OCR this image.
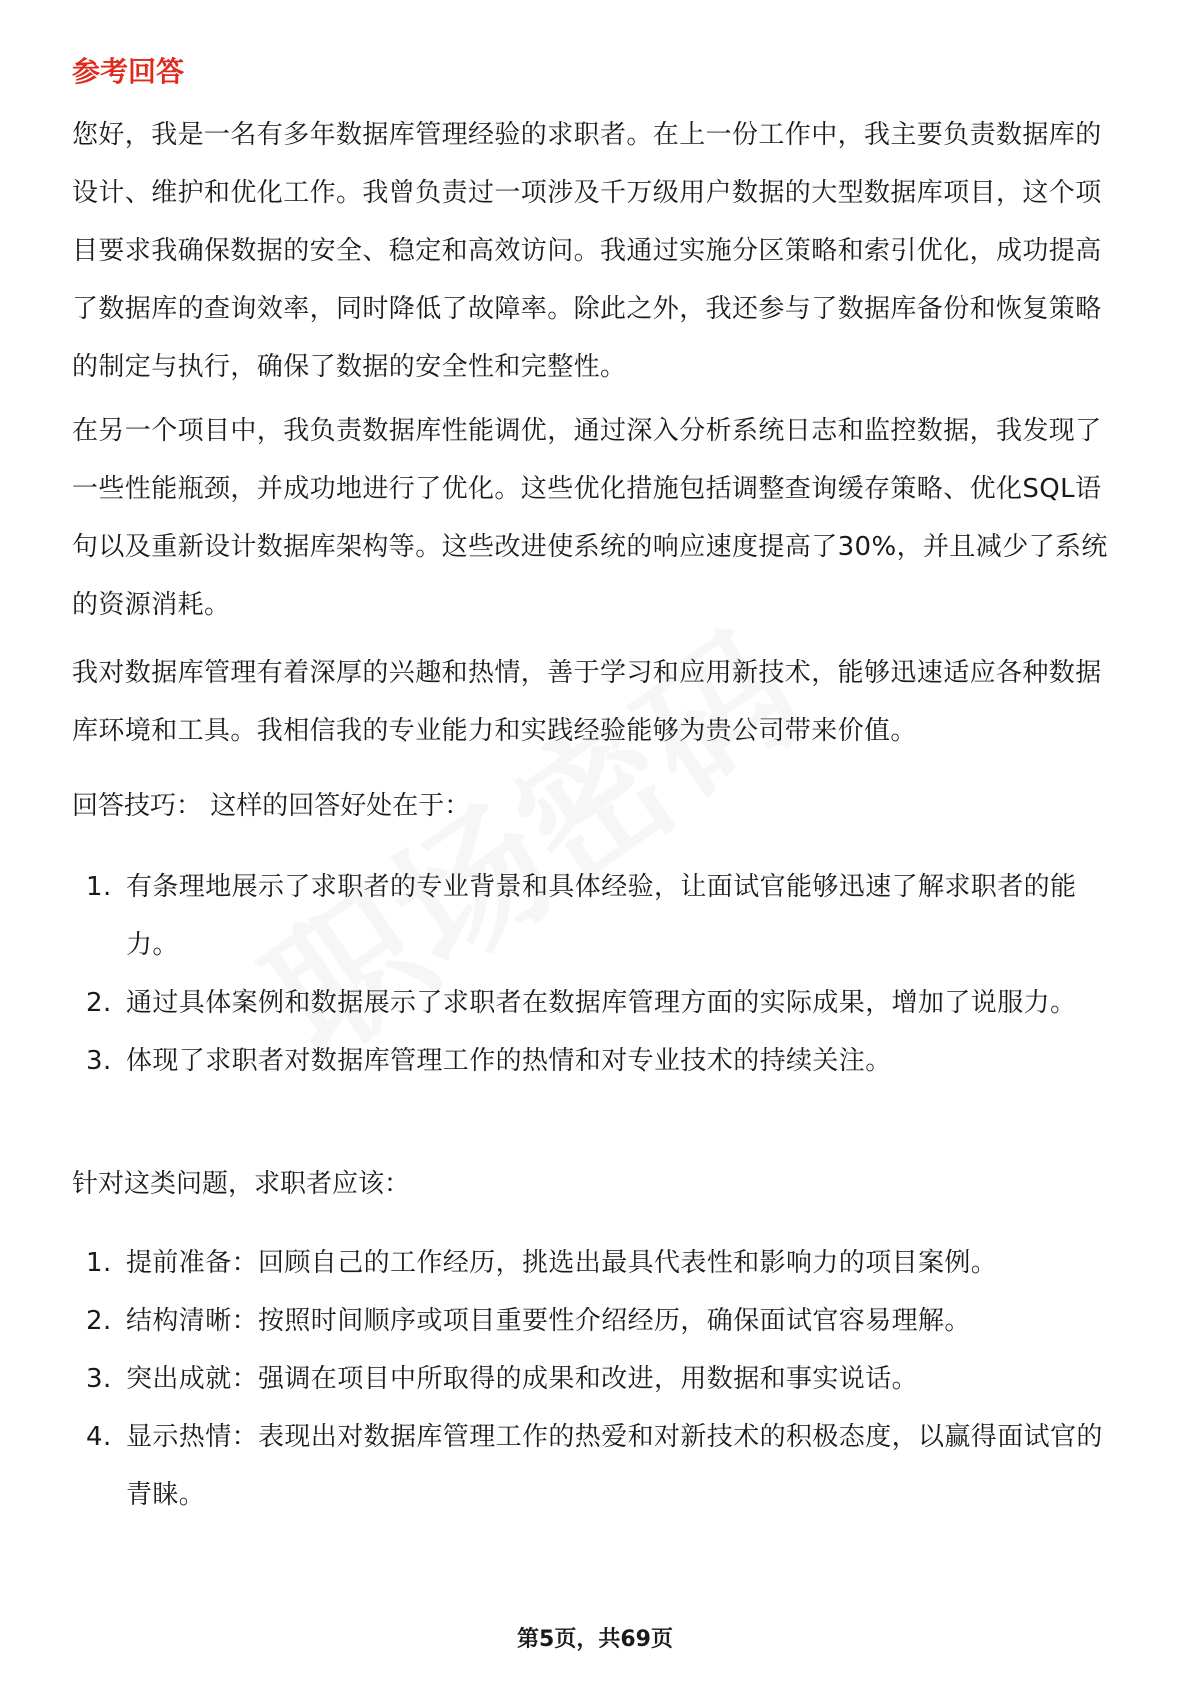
参考回答

您好，我是一名有多年数据库管理经验的求职者。在上一份工作中，我主要负责数据库的设计、维护和优化工作。我曾负责过一项涉及千万级用户数据的大型数据库项目，这个项目要求我确保数据的安全、稳定和高效访问。我通过实施分区策略和索引优化，成功提高了数据库的查询效率，同时降低了故障率。除此之外，我还参与了数据库备份和恢复策略的制定与执行，确保了数据的安全性和完整性。

在另一个项目中，我负责数据库性能调优，通过深入分析系统日志和监控数据，我发现了一些性能瓶颈，并成功地进行了优化。这些优化措施包括调整查询缓存策略、优化SQL语句以及重新设计数据库架构等。这些改进使系统的响应速度提高了30%，并且减少了系统的资源消耗。

我对数据库管理有着深厚的兴趣和热情，善于学习和应用新技术，能够迅速适应各种数据库环境和工具。我相信我的专业能力和实践经验能够为贵公司带来价值。

回答技巧： 这样的回答好处在于：

1. 有条理地展示了求职者的专业背景和具体经验，让面试官能够迅速了解求职者的能力。
2. 通过具体案例和数据展示了求职者在数据库管理方面的实际成果，增加了说服力。
3. 体现了求职者对数据库管理工作的热情和对专业技术的持续关注。

针对这类问题，求职者应该：

1. 提前准备：回顾自己的工作经历，挑选出最具代表性和影响力的项目案例。
2. 结构清晰：按照时间顺序或项目重要性介绍经历，确保面试官容易理解。
3. 突出成就：强调在项目中所取得的成果和改进，用数据和事实说话。
4. 显示热情：表现出对数据库管理工作的热爱和对新技术的积极态度，以赢得面试官的青睐。
第5页，共69页
